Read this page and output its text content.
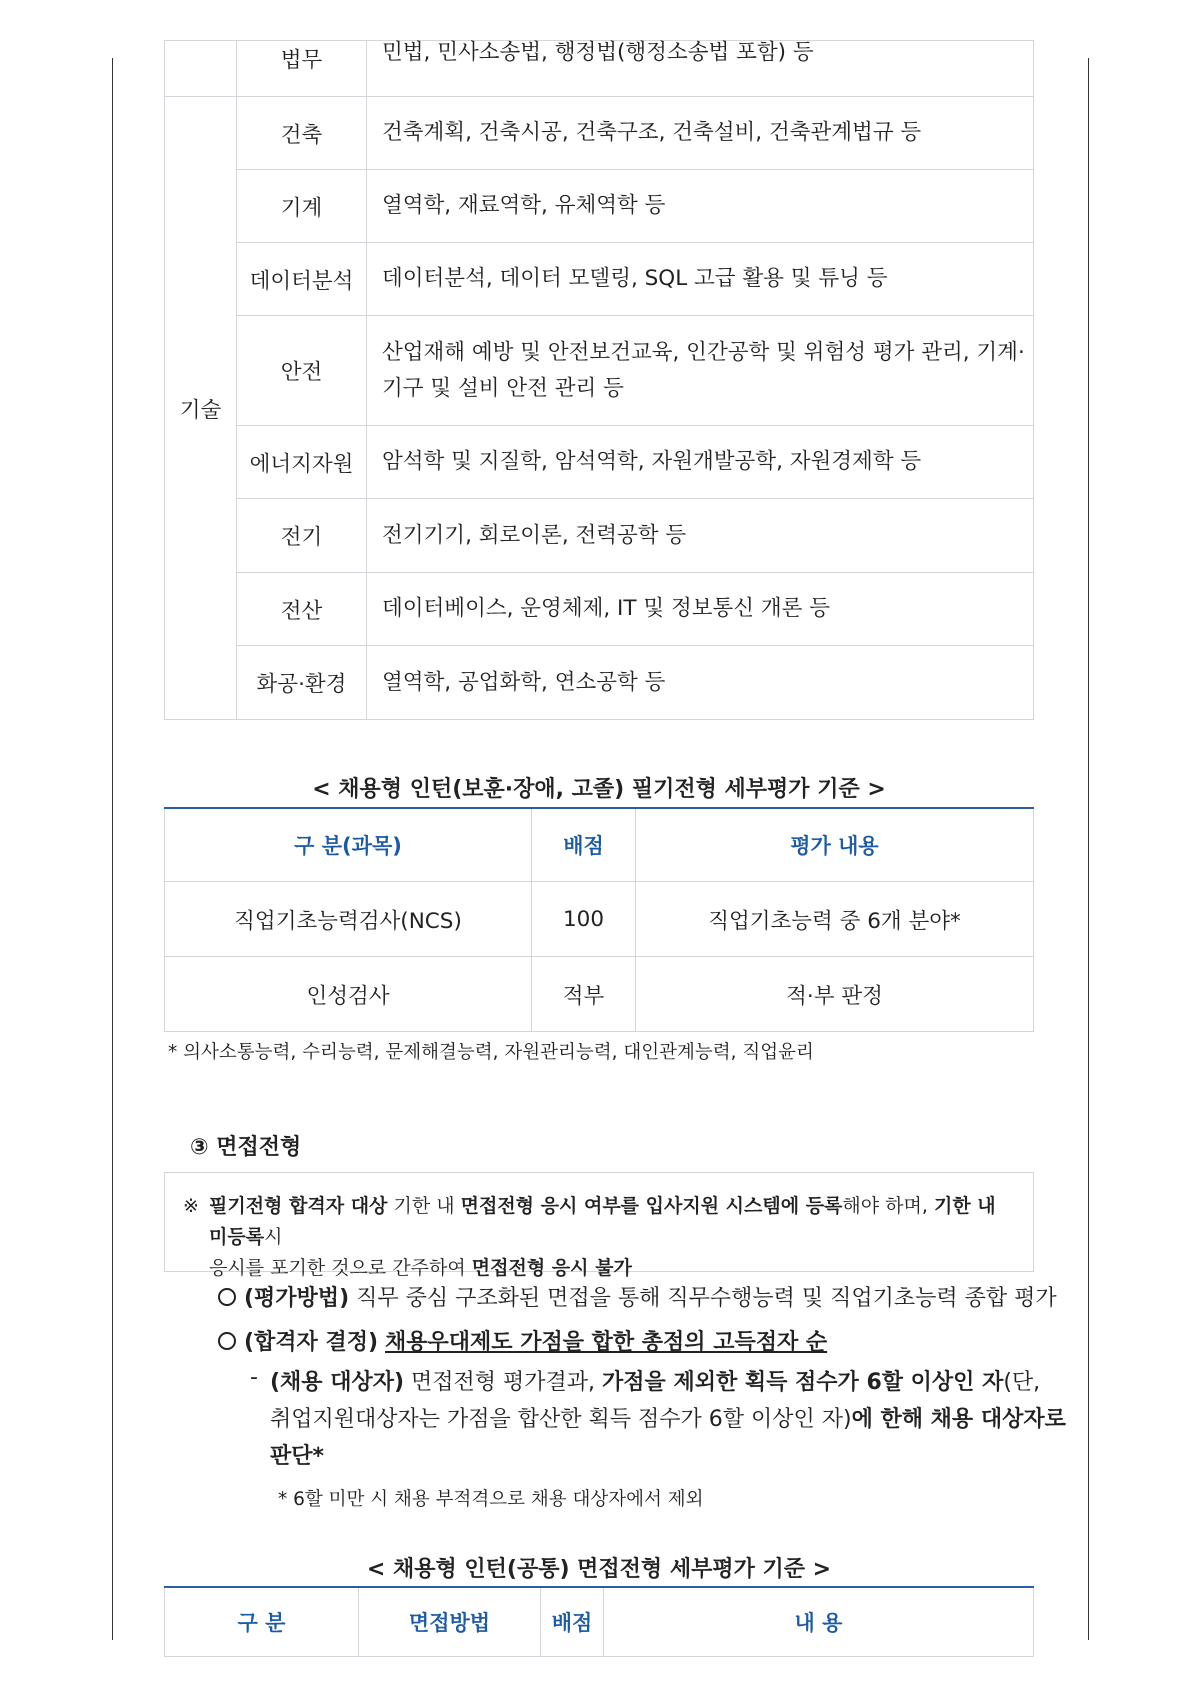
	법무	민법, 민사소송법, 행정법(행정소송법 포함) 등
기술	건축	건축계획, 건축시공, 건축구조, 건축설비, 건축관계법규 등
	기계	열역학, 재료역학, 유체역학 등
	데이터분석	데이터분석, 데이터 모델링, SQL 고급 활용 및 튜닝 등
	안전	산업재해 예방 및 안전보건교육, 인간공학 및 위험성 평가 관리, 기계·
기구 및 설비 안전 관리 등

	에너지자원	암석학 및 지질학, 암석역학, 자원개발공학, 자원경제학 등
	전기	전기기기, 회로이론, 전력공학 등
	전산	데이터베이스, 운영체제, IT 및 정보통신 개론 등
	화공·환경	열역학, 공업화학, 연소공학 등
< 채용형 인턴(보훈·장애, 고졸) 필기전형 세부평가 기준 >
구 분(과목)	배점	평가 내용
직업기초능력검사(NCS)	100	직업기초능력 중 6개 분야*
인성검사	적부	적·부 판정
* 의사소통능력, 수리능력, 문제해결능력, 자원관리능력, 대인관계능력, 직업윤리
③ 면접전형
※ 필기전형 합격자 대상 기한 내 면접전형 응시 여부를 입사지원 시스템에 등록해야 하며, 기한 내 미등록시
응시를 포기한 것으로 간주하여 면접전형 응시 불가
(평가방법) 직무 중심 구조화된 면접을 통해 직무수행능력 및 직업기초능력 종합 평가
(합격자 결정) 채용우대제도 가점을 합한 총점의 고득점자 순
- (채용 대상자) 면접전형 평가결과, 가점을 제외한 획득 점수가 6할 이상인 자(단,
취업지원대상자는 가점을 합산한 획득 점수가 6할 이상인 자)에 한해 채용 대상자로
판단*
* 6할 미만 시 채용 부적격으로 채용 대상자에서 제외
< 채용형 인턴(공통) 면접전형 세부평가 기준 >
구 분	면접방법	배점	내 용
